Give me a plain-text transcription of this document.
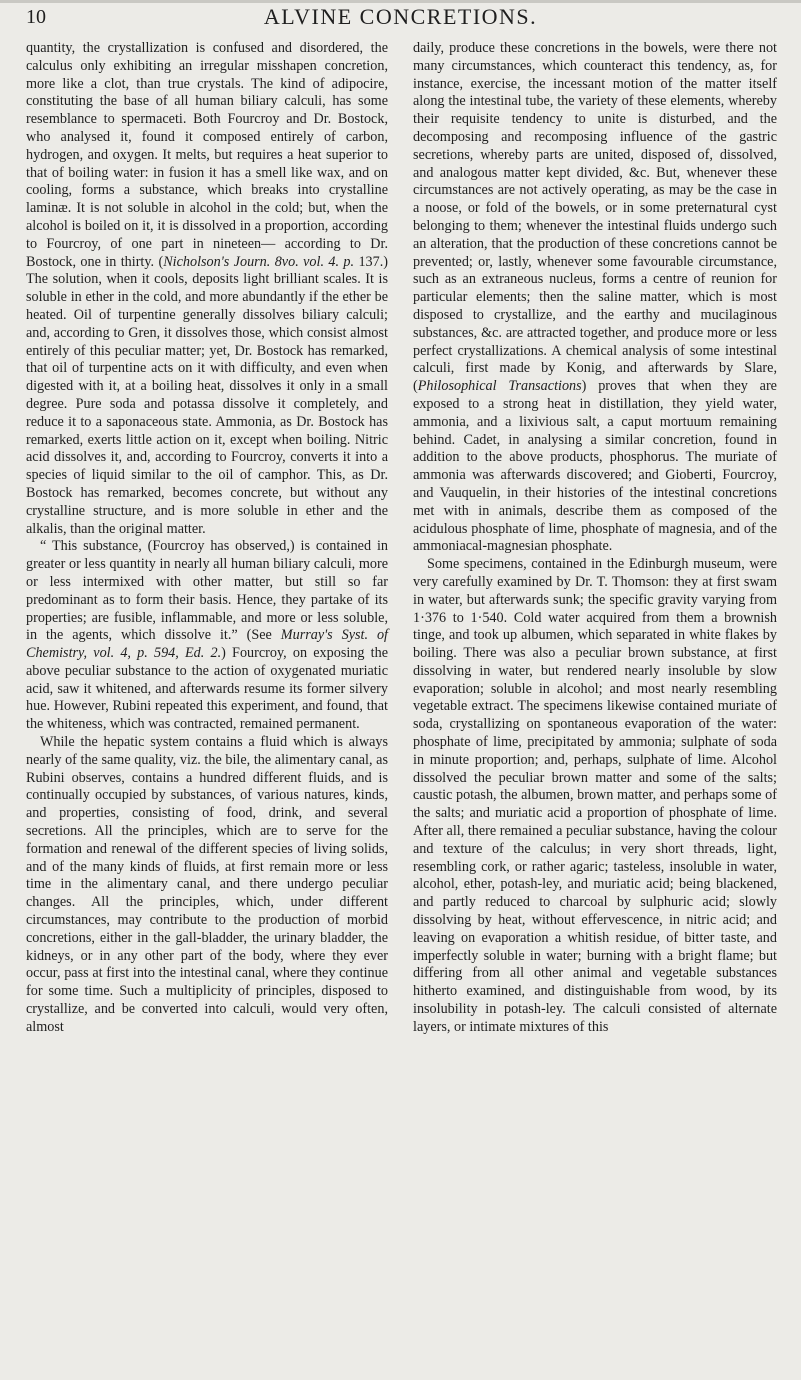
10	ALVINE CONCRETIONS.

quantity, the crystallization is confused and disordered, the calculus only exhibiting an irregular misshapen concretion, more like a clot, than true crystals. The kind of adipocire, constituting the base of all human biliary calculi, has some resemblance to spermaceti. Both Fourcroy and Dr. Bostock, who analysed it, found it composed entirely of carbon, hydrogen, and oxygen. It melts, but requires a heat superior to that of boiling water: in fusion it has a smell like wax, and on cooling, forms a substance, which breaks into crystalline laminæ. It is not soluble in alcohol in the cold; but, when the alcohol is boiled on it, it is dissolved in a proportion, according to Fourcroy, of one part in nineteen— according to Dr. Bostock, one in thirty. (Nicholson's Journ. 8vo. vol. 4. p. 137.) The solution, when it cools, deposits light brilliant scales. It is soluble in ether in the cold, and more abundantly if the ether be heated. Oil of turpentine generally dissolves biliary calculi; and, according to Gren, it dissolves those, which consist almost entirely of this peculiar matter; yet, Dr. Bostock has remarked, that oil of turpentine acts on it with difficulty, and even when digested with it, at a boiling heat, dissolves it only in a small degree. Pure soda and potassa dissolve it completely, and reduce it to a saponaceous state. Ammonia, as Dr. Bostock has remarked, exerts little action on it, except when boiling. Nitric acid dissolves it, and, according to Fourcroy, converts it into a species of liquid similar to the oil of camphor. This, as Dr. Bostock has remarked, becomes concrete, but without any crystalline structure, and is more soluble in ether and the alkalis, than the original matter.

“ This substance, (Fourcroy has observed,) is contained in greater or less quantity in nearly all human biliary calculi, more or less intermixed with other matter, but still so far predominant as to form their basis. Hence, they partake of its properties; are fusible, inflammable, and more or less soluble, in the agents, which dissolve it.” (See Murray's Syst. of Chemistry, vol. 4, p. 594, Ed. 2.) Fourcroy, on exposing the above peculiar substance to the action of oxygenated muriatic acid, saw it whitened, and afterwards resume its former silvery hue. However, Rubini repeated this experiment, and found, that the whiteness, which was contracted, remained permanent.

While the hepatic system contains a fluid which is always nearly of the same quality, viz. the bile, the alimentary canal, as Rubini observes, contains a hundred different fluids, and is continually occupied by substances, of various natures, kinds, and properties, consisting of food, drink, and several secretions. All the principles, which are to serve for the formation and renewal of the different species of living solids, and of the many kinds of fluids, at first remain more or less time in the alimentary canal, and there undergo peculiar changes. All the principles, which, under different circumstances, may contribute to the production of morbid concretions, either in the gall-bladder, the urinary bladder, the kidneys, or in any other part of the body, where they ever occur, pass at first into the intestinal canal, where they continue for some time. Such a multiplicity of principles, disposed to crystallize, and be converted into calculi, would very often, almost

daily, produce these concretions in the bowels, were there not many circumstances, which counteract this tendency, as, for instance, exercise, the incessant motion of the matter itself along the intestinal tube, the variety of these elements, whereby their requisite tendency to unite is disturbed, and the decomposing and recomposing influence of the gastric secretions, whereby parts are united, disposed of, dissolved, and analogous matter kept divided, &c. But, whenever these circumstances are not actively operating, as may be the case in a noose, or fold of the bowels, or in some preternatural cyst belonging to them; whenever the intestinal fluids undergo such an alteration, that the production of these concretions cannot be prevented; or, lastly, whenever some favourable circumstance, such as an extraneous nucleus, forms a centre of reunion for particular elements; then the saline matter, which is most disposed to crystallize, and the earthy and mucilaginous substances, &c. are attracted together, and produce more or less perfect crystallizations. A chemical analysis of some intestinal calculi, first made by Konig, and afterwards by Slare, (Philosophical Transactions) proves that when they are exposed to a strong heat in distillation, they yield water, ammonia, and a lixivious salt, a caput mortuum remaining behind. Cadet, in analysing a similar concretion, found in addition to the above products, phosphorus. The muriate of ammonia was afterwards discovered; and Gioberti, Fourcroy, and Vauquelin, in their histories of the intestinal concretions met with in animals, describe them as composed of the acidulous phosphate of lime, phosphate of magnesia, and of the ammoniacal-magnesian phosphate.

Some specimens, contained in the Edinburgh museum, were very carefully examined by Dr. T. Thomson: they at first swam in water, but afterwards sunk; the specific gravity varying from 1·376 to 1·540. Cold water acquired from them a brownish tinge, and took up albumen, which separated in white flakes by boiling. There was also a peculiar brown substance, at first dissolving in water, but rendered nearly insoluble by slow evaporation; soluble in alcohol; and most nearly resembling vegetable extract. The specimens likewise contained muriate of soda, crystallizing on spontaneous evaporation of the water: phosphate of lime, precipitated by ammonia; sulphate of soda in minute proportion; and, perhaps, sulphate of lime. Alcohol dissolved the peculiar brown matter and some of the salts; caustic potash, the albumen, brown matter, and perhaps some of the salts; and muriatic acid a proportion of phosphate of lime. After all, there remained a peculiar substance, having the colour and texture of the calculus; in very short threads, light, resembling cork, or rather agaric; tasteless, insoluble in water, alcohol, ether, potash-ley, and muriatic acid; being blackened, and partly reduced to charcoal by sulphuric acid; slowly dissolving by heat, without effervescence, in nitric acid; and leaving on evaporation a whitish residue, of bitter taste, and imperfectly soluble in water; burning with a bright flame; but differing from all other animal and vegetable substances hitherto examined, and distinguishable from wood, by its insolubility in potash-ley. The calculi consisted of alternate layers, or intimate mixtures of this
